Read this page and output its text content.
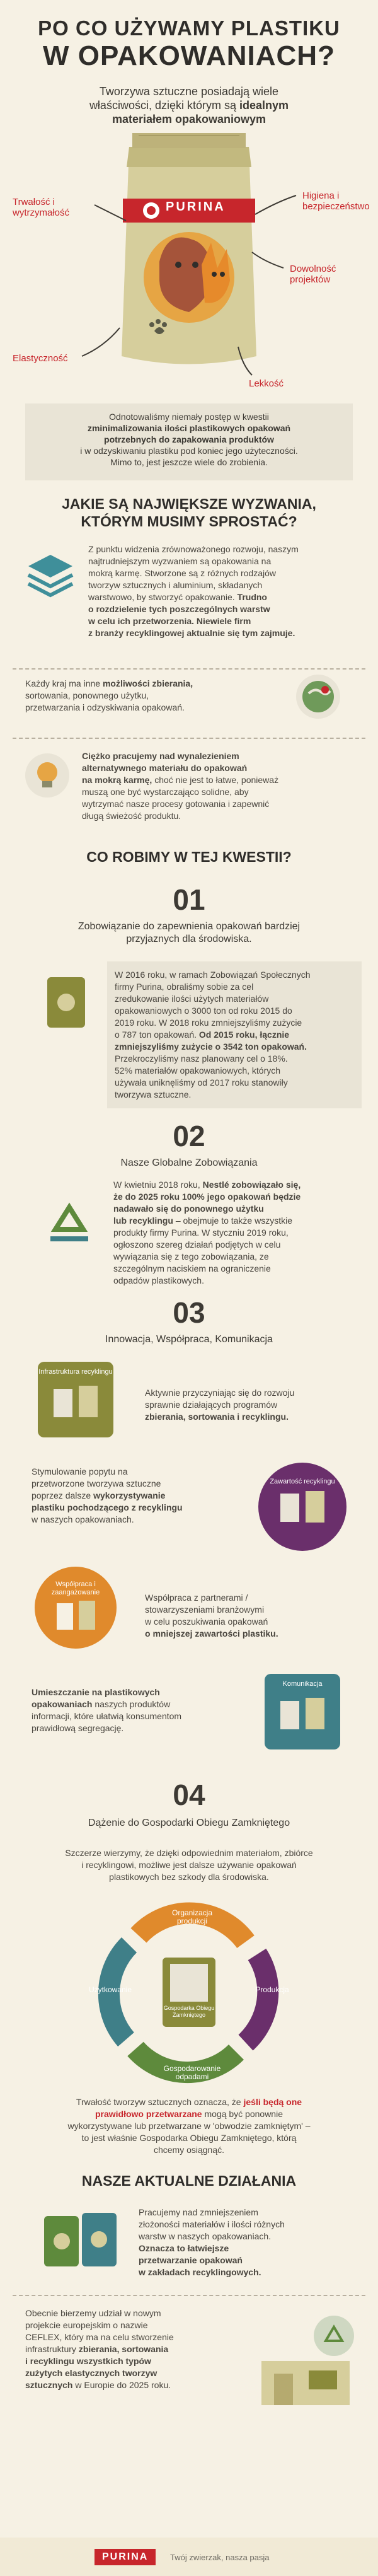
PO CO UŻYWAMY PLASTIKU
W OPAKOWANIACH?
Tworzywa sztuczne posiadają wiele
właściwości, dzięki którym są idealnym
materiałem opakowaniowym
PURINA
Higiena i bezpieczeństwo
Trwałość i wytrzymałość
Dowolność projektów
Elastyczność
Lekkość
Odnotowaliśmy niemały postęp w kwestii
zminimalizowania ilości plastikowych opakowań
potrzebnych do zapakowania produktów
i w odzyskiwaniu plastiku pod koniec jego użyteczności.
Mimo to, jest jeszcze wiele do zrobienia.
JAKIE SĄ NAJWIĘKSZE WYZWANIA,
KTÓRYM MUSIMY SPROSTAĆ?
Z punktu widzenia zrównoważonego rozwoju, naszym
najtrudniejszym wyzwaniem są opakowania na
mokrą karmę. Stworzone są z różnych rodzajów
tworzyw sztucznych i aluminium, składanych
warstwowo, by stworzyć opakowanie. Trudno
o rozdzielenie tych poszczególnych warstw
w celu ich przetworzenia. Niewiele firm
z branży recyklingowej aktualnie się tym zajmuje.
Każdy kraj ma inne możliwości zbierania,
sortowania, ponownego użytku,
przetwarzania i odzyskiwania opakowań.
Ciężko pracujemy nad wynalezieniem
alternatywnego materiału do opakowań
na mokrą karmę, choć nie jest to łatwe, ponieważ
muszą one być wystarczająco solidne, aby
wytrzymać nasze procesy gotowania i zapewnić
długą świeżość produktu.
CO ROBIMY W TEJ KWESTII?
01
Zobowiązanie do zapewnienia opakowań bardziej
przyjaznych dla środowiska.
W 2016 roku, w ramach Zobowiązań Społecznych
firmy Purina, obraliśmy sobie za cel
zredukowanie ilości użytych materiałów
opakowaniowych o 3000 ton od roku 2015 do
2019 roku. W 2018 roku zmniejszyliśmy zużycie
o 787 ton opakowań. Od 2015 roku, łącznie
zmniejszyliśmy zużycie o 3542 ton opakowań.
Przekroczyliśmy nasz planowany cel o 18%.
52% materiałów opakowaniowych, których
używała uniknęliśmy od 2017 roku stanowiły
tworzywa sztuczne.
02
Nasze Globalne Zobowiązania
W kwietniu 2018 roku, Nestlé zobowiązało się,
że do 2025 roku 100% jego opakowań będzie
nadawało się do ponownego użytku
lub recyklingu – obejmuje to także wszystkie
produkty firmy Purina. W styczniu 2019 roku,
ogłoszono szereg działań podjętych w celu
wywiązania się z tego zobowiązania, ze
szczególnym naciskiem na ograniczenie
odpadów plastikowych.
03
Innowacja, Współpraca, Komunikacja
Infrastruktura recyklingu
Aktywnie przyczyniając się do rozwoju
sprawnie działających programów
zbierania, sortowania i recyklingu.
Zawartość recyklingu
Stymulowanie popytu na
przetworzone tworzywa sztuczne
poprzez dalsze wykorzystywanie
plastiku pochodzącego z recyklingu
w naszych opakowaniach.
Współpraca i zaangażowanie	Współpraca z partnerami /
stowarzyszeniami branżowymi
w celu poszukiwania opakowań
o mniejszej zawartości plastiku.
Komunikacja
Umieszczanie na plastikowych
opakowaniach naszych produktów
informacji, które ułatwią konsumentom
prawidłową segregację.
04
Dążenie do Gospodarki Obiegu Zamkniętego
Szczerze wierzymy, że dzięki odpowiednim materiałom, zbiórce
i recyklingowi, możliwe jest dalsze używanie opakowań
plastikowych bez szkody dla środowiska.
Organizacja produkcji
Produkcja
Gospodarowanie odpadami
Użytkowanie
Gospodarka Obiegu Zamkniętego
Trwałość tworzyw sztucznych oznacza, że jeśli będą one
prawidłowo przetwarzane mogą być ponownie
wykorzystywane lub przetwarzane w 'obwodzie zamkniętym' –
to jest właśnie Gospodarka Obiegu Zamkniętego, którą
chcemy osiągnąć.
NASZE AKTUALNE DZIAŁANIA
Pracujemy nad zmniejszeniem
złożoności materiałów i ilości różnych
warstw w naszych opakowaniach.
Oznacza to łatwiejsze
przetwarzanie opakowań
w zakładach recyklingowych.
Obecnie bierzemy udział w nowym
projekcie europejskim o nazwie
CEFLEX, który ma na celu stworzenie
infrastruktury zbierania, sortowania
i recyklingu wszystkich typów
zużytych elastycznych tworzyw
sztucznych w Europie do 2025 roku.
PURINA	Twój zwierzak, nasza pasja
